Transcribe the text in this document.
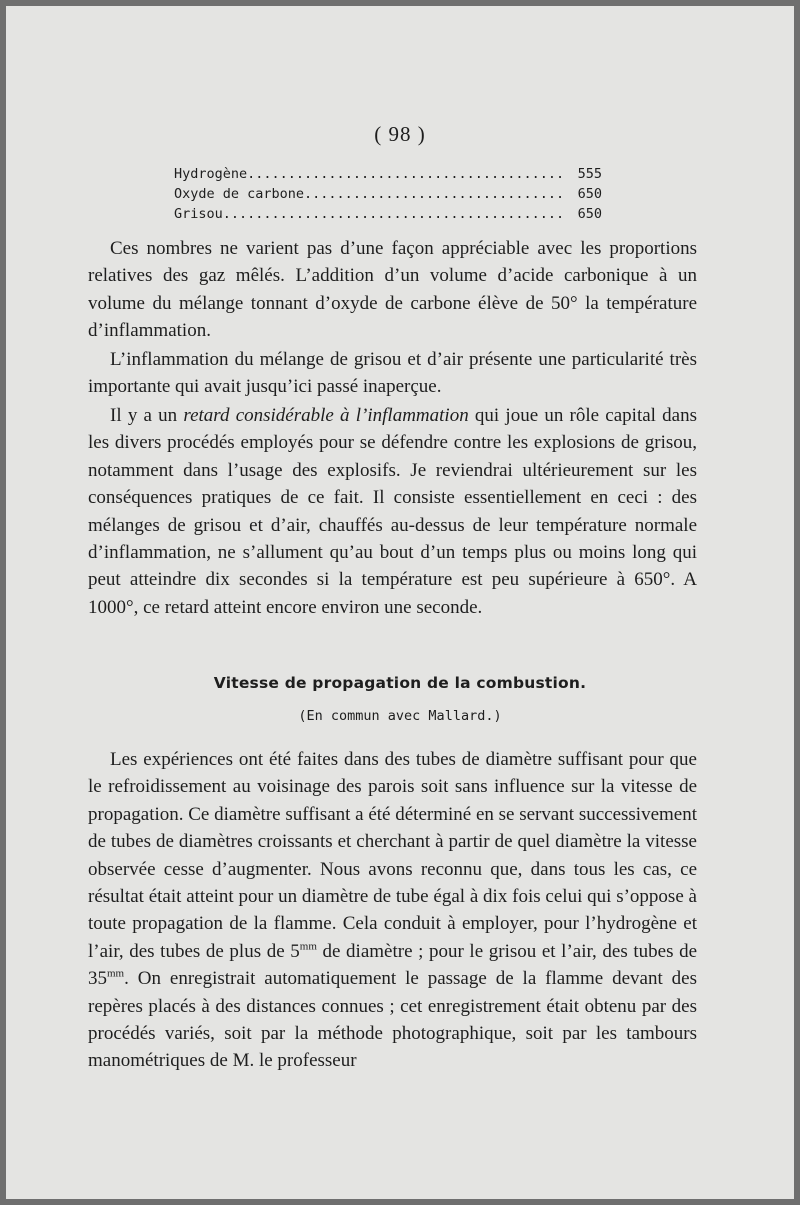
( 98 )
Hydrogène .....	555
Oxyde de carbone .....	650
Grisou .....	650

Ces nombres ne varient pas d’une façon appréciable avec les proportions relatives des gaz mêlés. L’addition d’un volume d’acide carbonique à un volume du mélange tonnant d’oxyde de carbone élève de 50° la température d’inflammation.

L’inflammation du mélange de grisou et d’air présente une particularité très importante qui avait jusqu’ici passé inaperçue.

Il y a un retard considérable à l’inflammation qui joue un rôle capital dans les divers procédés employés pour se défendre contre les explosions de grisou, notamment dans l’usage des explosifs. Je reviendrai ultérieurement sur les conséquences pratiques de ce fait. Il consiste essentiellement en ceci : des mélanges de grisou et d’air, chauffés au-dessus de leur température normale d’inflammation, ne s’allument qu’au bout d’un temps plus ou moins long qui peut atteindre dix secondes si la température est peu supérieure à 650°. A 1000°, ce retard atteint encore environ une seconde.

Vitesse de propagation de la combustion.
(En commun avec Mallard.)

Les expériences ont été faites dans des tubes de diamètre suffisant pour que le refroidissement au voisinage des parois soit sans influence sur la vitesse de propagation. Ce diamètre suffisant a été déterminé en se servant successivement de tubes de diamètres croissants et cherchant à partir de quel diamètre la vitesse observée cesse d’augmenter. Nous avons reconnu que, dans tous les cas, ce résultat était atteint pour un diamètre de tube égal à dix fois celui qui s’oppose à toute propagation de la flamme. Cela conduit à employer, pour l’hydrogène et l’air, des tubes de plus de $5^{mm}$ de diamètre ; pour le grisou et l’air, des tubes de $35^{mm}$. On enregistrait automatiquement le passage de la flamme devant des repères placés à des distances connues ; cet enregistrement était obtenu par des procédés variés, soit par la méthode photographique, soit par les tambours manométriques de M. le professeur
